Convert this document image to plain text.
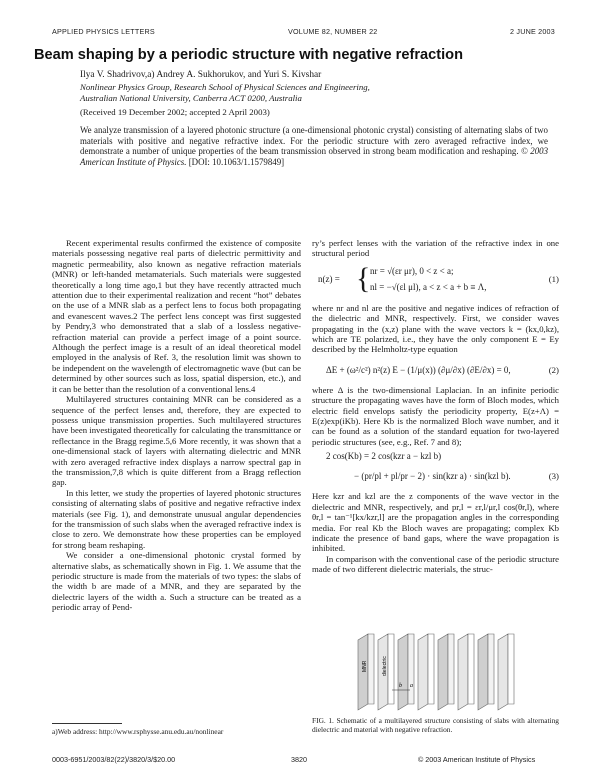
APPLIED PHYSICS LETTERS	VOLUME 82, NUMBER 22	2 JUNE 2003
Beam shaping by a periodic structure with negative refraction
Ilya V. Shadrivov,a) Andrey A. Sukhorukov, and Yuri S. Kivshar
Nonlinear Physics Group, Research School of Physical Sciences and Engineering,
Australian National University, Canberra ACT 0200, Australia
(Received 19 December 2002; accepted 2 April 2003)
We analyze transmission of a layered photonic structure (a one-dimensional photonic crystal) consisting of alternating slabs of two materials with positive and negative refractive index. For the periodic structure with zero averaged refractive index, we demonstrate a number of unique properties of the beam transmission observed in strong beam modification and reshaping. © 2003 American Institute of Physics. [DOI: 10.1063/1.1579849]

Recent experimental results confirmed the existence of composite materials possessing negative real parts of dielectric permittivity and magnetic permeability, also known as negative refraction materials (MNR) or left-handed metamaterials. Such materials were suggested theoretically a long time ago,1 but they have recently attracted much attention due to their experimental realization and recent “hot” debates on the use of a MNR slab as a perfect lens to focus both propagating and evanescent waves.2 The perfect lens concept was first suggested by Pendry,3 who demonstrated that a slab of a lossless negative-refraction material can provide a perfect image of a point source. Although the perfect image is a result of an ideal theoretical model employed in the analysis of Ref. 3, the resolution limit was shown to be independent on the wavelength of electromagnetic wave (but can be determined by other sources such as loss, spatial dispersion, etc.), and it can be better than the resolution of a conventional lens.4

Multilayered structures containing MNR can be considered as a sequence of the perfect lenses and, therefore, they are expected to possess unique transmission properties. Such multilayered structures have been investigated theoretically for calculating the transmittance or reflectance in the Bragg regime.5,6 More recently, it was shown that a one-dimensional stack of layers with alternating dielectric and MNR with zero averaged refractive index displays a narrow spectral gap in the transmission,7,8 which is quite different from a Bragg reflection gap.

In this letter, we study the properties of layered photonic structures consisting of alternating slabs of positive and negative refractive index materials (see Fig. 1), and demonstrate unusual angular dependencies for the transmission of such slabs when the averaged refractive index is close to zero. We demonstrate how these properties can be employed for strong beam reshaping.

We consider a one-dimensional photonic crystal formed by alternative slabs, as schematically shown in Fig. 1. We assume that the periodic structure is made from the materials of two types: the slabs of the width b are made of a MNR, and they are separated by the dielectric layers of the width a. Such a structure can be treated as a periodic array of Pend-

ry’s perfect lenses with the variation of the refractive index in one structural period

n(z) = { nr = √(εr μr), 0 < z < a;
nl = −√(εl μl), a < z < a + b ≡ Λ,
(1)

where nr and nl are the positive and negative indices of refraction of the dielectric and MNR, respectively. First, we consider waves propagating in the (x,z) plane with the wave vectors k = (kx,0,kz), which are TE polarized, i.e., they have the only component E = Ey described by the Helmholtz-type equation

ΔE + (ω²/c²) n²(z) E − (1/μ(x)) (∂μ/∂x) (∂E/∂x) = 0,	(2)

where Δ is the two-dimensional Laplacian. In an infinite periodic structure the propagating waves have the form of Bloch modes, which electric field envelops satisfy the periodicity property, E(z+Λ) = E(z)exp(iKb). Here Kb is the normalized Bloch wave number, and it can be found as a solution of the standard equation for two-layered periodic structures (see, e.g., Ref. 7 and 8);

2 cos(Kb) = 2 cos(kzr a − kzl b)
− (pr/pl + pl/pr − 2) · sin(kzr a) · sin(kzl b).	(3)

Here kzr and kzl are the z components of the wave vector in the dielectric and MNR, respectively, and pr,l = εr,l/μr,l cos(θr,l), where θr,l = tan⁻¹[kx/kzr,l] are the propagation angles in the corresponding media. For real Kb the Bloch waves are propagating; complex Kb indicate the presence of band gaps, where the wave propagation is inhibited.

In comparison with the conventional case of the periodic structure made of two different dielectric materials, the struc-

MNR	dielectric
b a
FIG. 1. Schematic of a multilayered structure consisting of slabs with alternating dielectric and material with negative refraction.
a)Web address: http://www.rsphysse.anu.edu.au/nonlinear
0003-6951/2003/82(22)/3820/3/$20.00	3820	© 2003 American Institute of Physics
